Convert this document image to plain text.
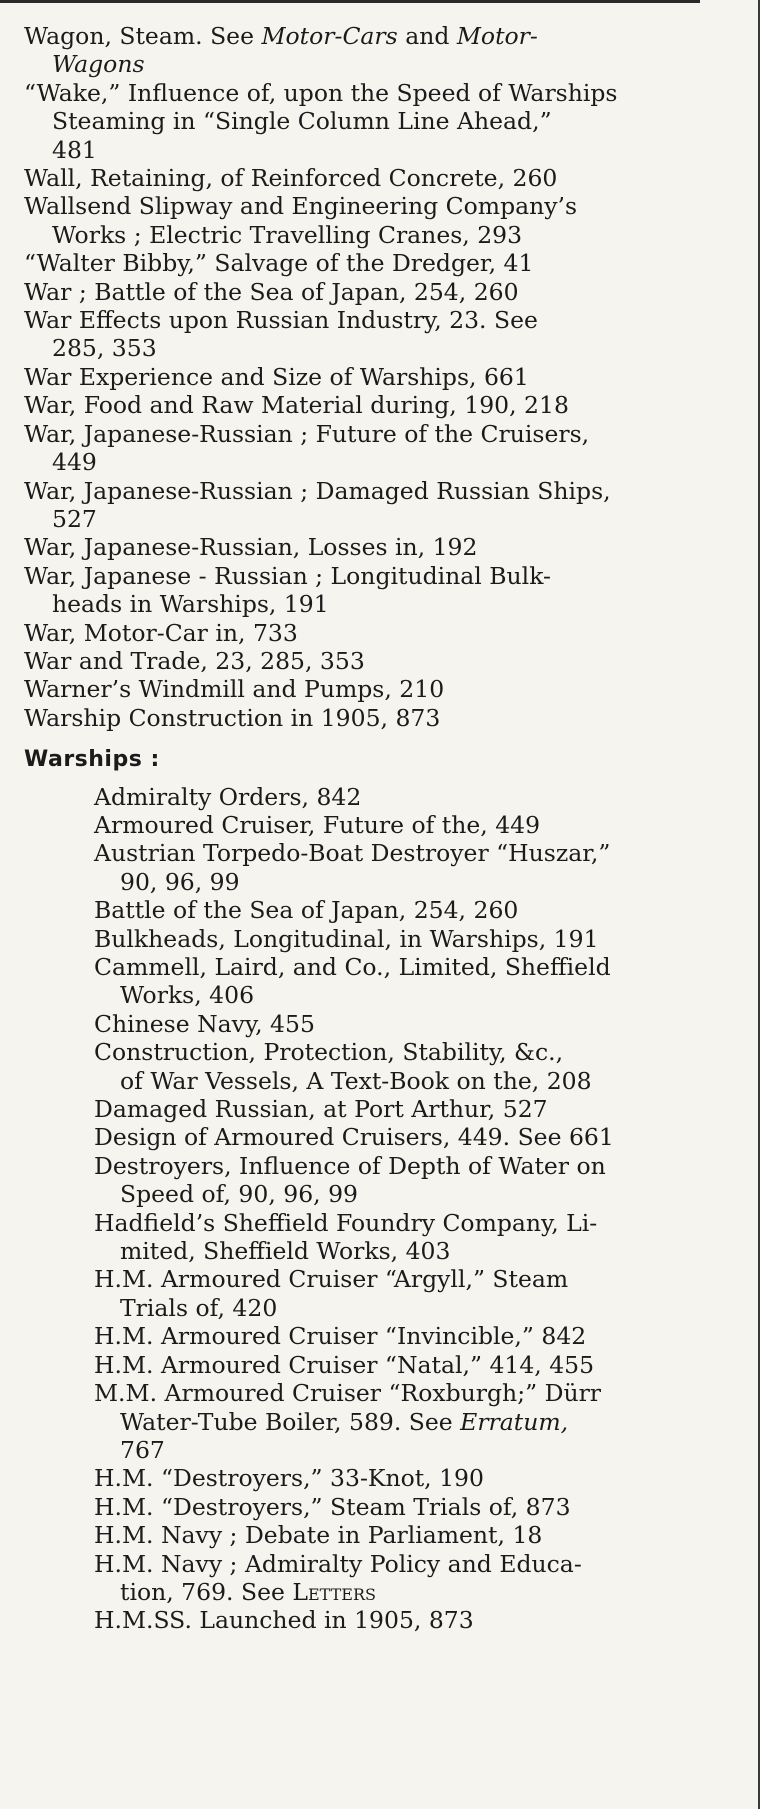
Wagon, Steam. See Motor-Cars and Motor-
Wagons
“Wake,” Influence of, upon the Speed of Warships
Steaming in “Single Column Line Ahead,”
481
Wall, Retaining, of Reinforced Concrete, 260
Wallsend Slipway and Engineering Company’s
Works ; Electric Travelling Cranes, 293
“Walter Bibby,” Salvage of the Dredger, 41
War ; Battle of the Sea of Japan, 254, 260
War Effects upon Russian Industry, 23. See
285, 353
War Experience and Size of Warships, 661
War, Food and Raw Material during, 190, 218
War, Japanese-Russian ; Future of the Cruisers,
449
War, Japanese-Russian ; Damaged Russian Ships,
527
War, Japanese-Russian, Losses in, 192
War, Japanese - Russian ; Longitudinal Bulk-
heads in Warships, 191
War, Motor-Car in, 733
War and Trade, 23, 285, 353
Warner’s Windmill and Pumps, 210
Warship Construction in 1905, 873
Warships :
Admiralty Orders, 842
Armoured Cruiser, Future of the, 449
Austrian Torpedo-Boat Destroyer “Huszar,”
90, 96, 99
Battle of the Sea of Japan, 254, 260
Bulkheads, Longitudinal, in Warships, 191
Cammell, Laird, and Co., Limited, Sheffield
Works, 406
Chinese Navy, 455
Construction, Protection, Stability, &c.,
of War Vessels, A Text-Book on the, 208
Damaged Russian, at Port Arthur, 527
Design of Armoured Cruisers, 449. See 661
Destroyers, Influence of Depth of Water on
Speed of, 90, 96, 99
Hadfield’s Sheffield Foundry Company, Li-
mited, Sheffield Works, 403
H.M. Armoured Cruiser “Argyll,” Steam
Trials of, 420
H.M. Armoured Cruiser “Invincible,” 842
H.M. Armoured Cruiser “Natal,” 414, 455
M.M. Armoured Cruiser “Roxburgh;” Dürr
Water-Tube Boiler, 589. See Erratum,
767
H.M. “Destroyers,” 33-Knot, 190
H.M. “Destroyers,” Steam Trials of, 873
H.M. Navy ; Debate in Parliament, 18
H.M. Navy ; Admiralty Policy and Educa-
tion, 769. See Letters
H.M.SS. Launched in 1905, 873
